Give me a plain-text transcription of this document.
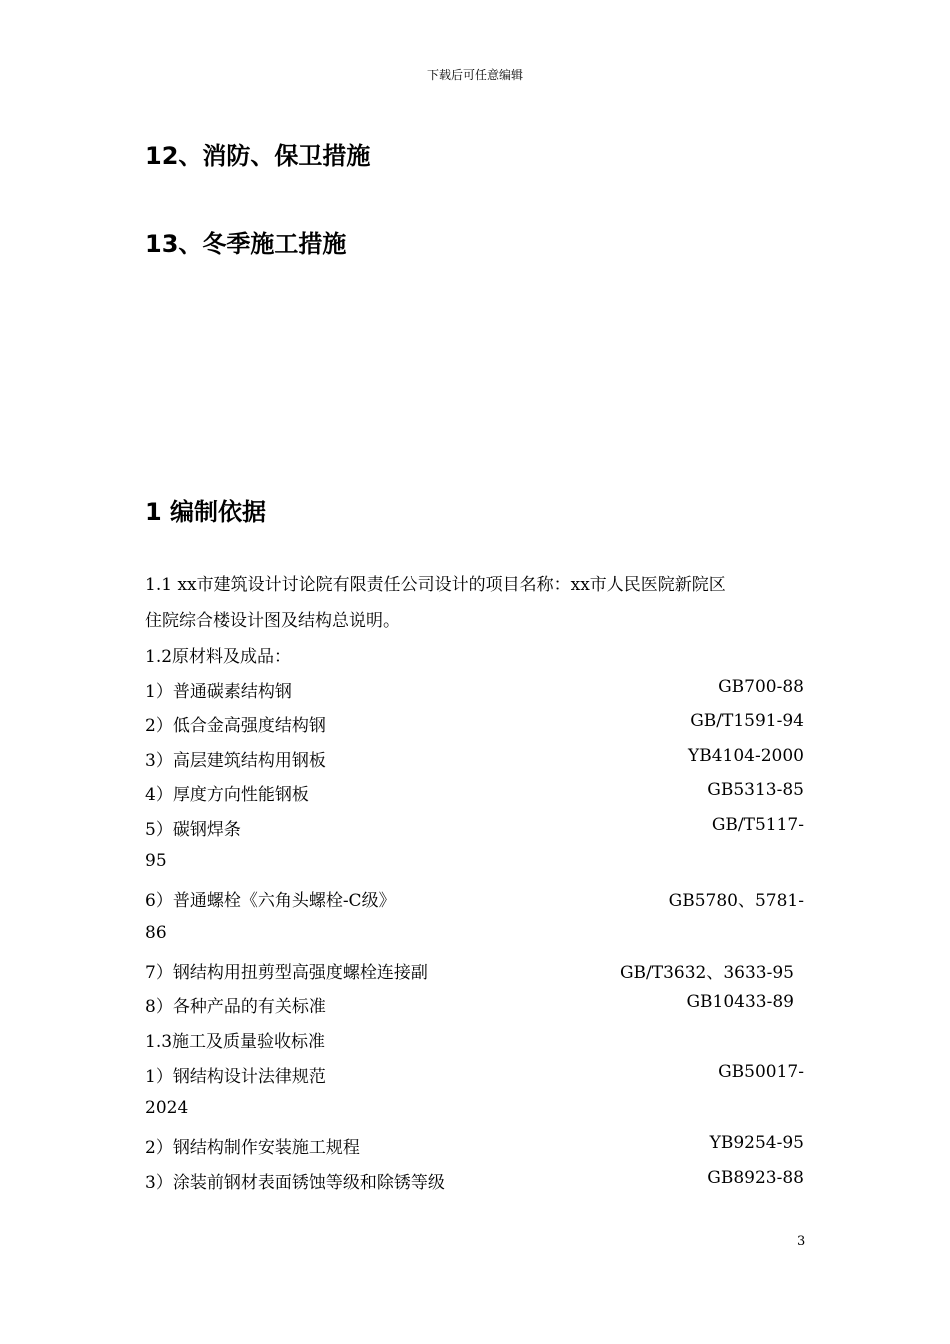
下载后可任意编辑
12、消防、保卫措施
13、冬季施工措施
1 编制依据
1.1 xx市建筑设计讨论院有限责任公司设计的项目名称：xx市人民医院新院区
住院综合楼设计图及结构总说明。
1.2原材料及成品：
1）普通碳素结构钢	GB700-88
2）低合金高强度结构钢	GB/T1591-94
3）高层建筑结构用钢板	YB4104-2000
4）厚度方向性能钢板	GB5313-85
5）碳钢焊条	GB/T5117-
95
6）普通螺栓《六角头螺栓-C级》	GB5780、5781-
86
7）钢结构用扭剪型高强度螺栓连接副	GB/T3632、3633-95
8）各种产品的有关标准	GB10433-89
1.3施工及质量验收标准
1）钢结构设计法律规范	GB50017-
2024
2）钢结构制作安装施工规程	YB9254-95
3）涂装前钢材表面锈蚀等级和除锈等级	GB8923-88
3
